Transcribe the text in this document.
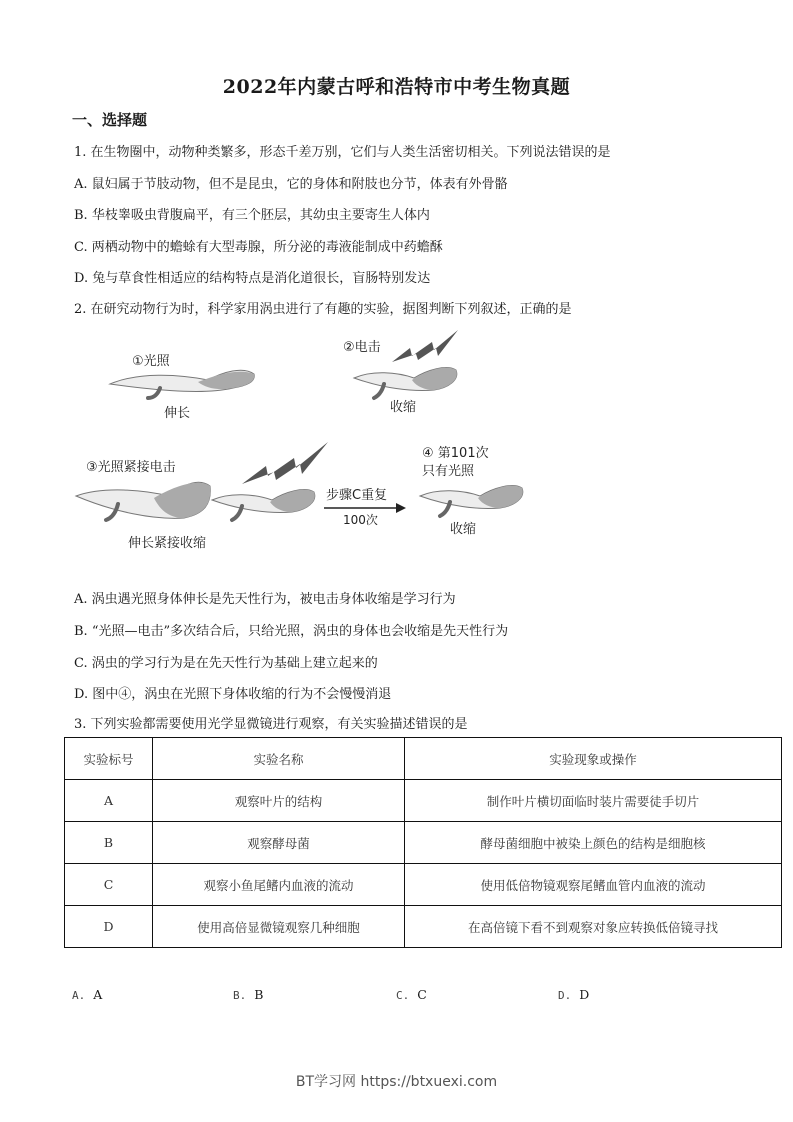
2022年内蒙古呼和浩特市中考生物真题
一、选择题
1. 在生物圈中，动物种类繁多，形态千差万别，它们与人类生活密切相关。下列说法错误的是
A. 鼠妇属于节肢动物，但不是昆虫，它的身体和附肢也分节，体表有外骨骼
B. 华枝睾吸虫背腹扁平，有三个胚层，其幼虫主要寄生人体内
C. 两栖动物中的蟾蜍有大型毒腺，所分泌的毒液能制成中药蟾酥
D. 兔与草食性相适应的结构特点是消化道很长，盲肠特别发达
2. 在研究动物行为时，科学家用涡虫进行了有趣的实验，据图判断下列叙述，正确的是
①光照
伸长
②电击
收缩
③光照紧接电击
伸长紧接收缩
步骤C重复
100次
④ 第101次
只有光照
收缩
A. 涡虫遇光照身体伸长是先天性行为，被电击身体收缩是学习行为
B. “光照—电击”多次结合后，只给光照，涡虫的身体也会收缩是先天性行为
C. 涡虫的学习行为是在先天性行为基础上建立起来的
D. 图中④，涡虫在光照下身体收缩的行为不会慢慢消退
3. 下列实验都需要使用光学显微镜进行观察，有关实验描述错误的是
实验标号	实验名称	实验现象或操作
A	观察叶片的结构	制作叶片横切面临时装片需要徒手切片
B	观察酵母菌	酵母菌细胞中被染上颜色的结构是细胞核
C	观察小鱼尾鳍内血液的流动	使用低倍物镜观察尾鳍血管内血液的流动
D	使用高倍显微镜观察几种细胞	在高倍镜下看不到观察对象应转换低倍镜寻找
A. A	B. B	C. C	D. D
BT学习网 https://btxuexi.com
